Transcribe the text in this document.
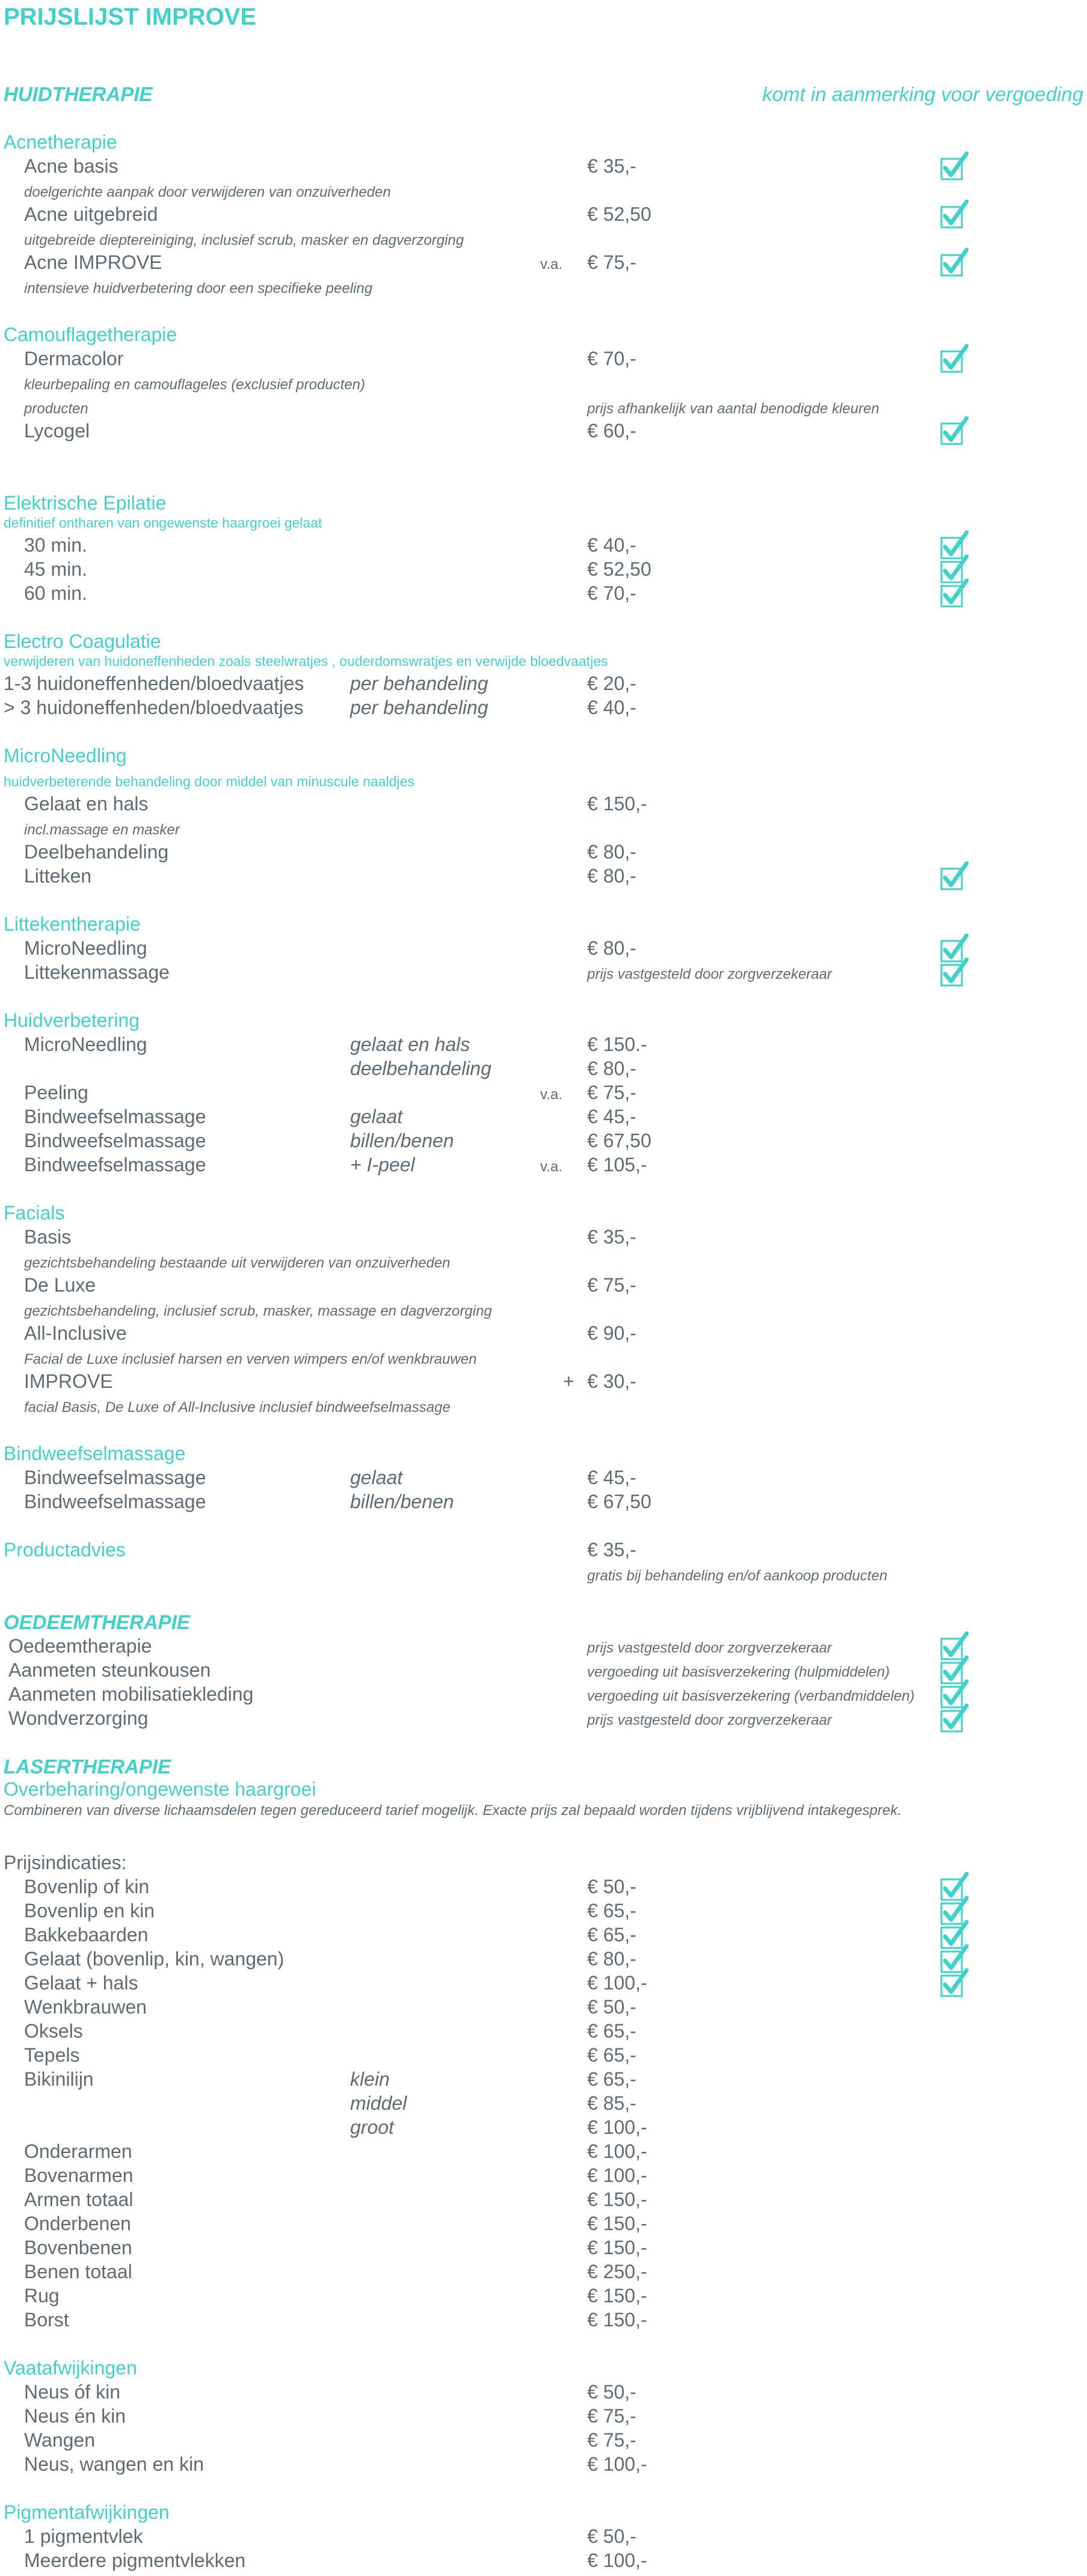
PRIJSLIJST IMPROVE
HUIDTHERAPIE	komt in aanmerking voor vergoeding
Acnetherapie
Acne basis	€ 35,-
doelgerichte aanpak door verwijderen van onzuiverheden
Acne uitgebreid	€ 52,50
uitgebreide dieptereiniging, inclusief scrub, masker en dagverzorging
Acne IMPROVE	v.a. € 75,-
intensieve huidverbetering door een specifieke peeling
Camouflagetherapie
Dermacolor	€ 70,-
kleurbepaling en camouflageles (exclusief producten)
producten	prijs afhankelijk van aantal benodigde kleuren
Lycogel	€ 60,-
Elektrische Epilatie
definitief ontharen van ongewenste haargroei gelaat
30 min.	€ 40,-
45 min.	€ 52,50
60 min.	€ 70,-
Electro Coagulatie
verwijderen van huidoneffenheden zoals steelwratjes , ouderdomswratjes en verwijde bloedvaatjes
1-3 huidoneffenheden/bloedvaatjes per behandeling	€ 20,-
> 3 huidoneffenheden/bloedvaatjes per behandeling	€ 40,-
MicroNeedling
huidverbeterende behandeling door middel van minuscule naaldjes
Gelaat en hals	€ 150,-
incl.massage en masker
Deelbehandeling	€ 80,-
Litteken	€ 80,-
Littekentherapie
MicroNeedling	€ 80,-
Littekenmassage	prijs vastgesteld door zorgverzekeraar
Huidverbetering
MicroNeedling	gelaat en hals	€ 150.-
deelbehandeling	€ 80,-
Peeling	v.a. € 75,-
Bindweefselmassage	gelaat	€ 45,-
Bindweefselmassage	billen/benen	€ 67,50
Bindweefselmassage	+ I-peel	v.a. € 105,-
Facials
Basis	€ 35,-
gezichtsbehandeling bestaande uit verwijderen van onzuiverheden
De Luxe	€ 75,-
gezichtsbehandeling, inclusief scrub, masker, massage en dagverzorging
All-Inclusive	€ 90,-
Facial de Luxe inclusief harsen en verven wimpers en/of wenkbrauwen
IMPROVE	+ € 30,-
facial Basis, De Luxe of All-Inclusive inclusief bindweefselmassage
Bindweefselmassage
Bindweefselmassage	gelaat	€ 45,-
Bindweefselmassage	billen/benen	€ 67,50
Productadvies	€ 35,-
gratis bij behandeling en/of aankoop producten
OEDEEMTHERAPIE
Oedeemtherapie	prijs vastgesteld door zorgverzekeraar
Aanmeten steunkousen	vergoeding uit basisverzekering (hulpmiddelen)
Aanmeten mobilisatiekleding	vergoeding uit basisverzekering (verbandmiddelen)
Wondverzorging	prijs vastgesteld door zorgverzekeraar
LASERTHERAPIE
Overbeharing/ongewenste haargroei
Combineren van diverse lichaamsdelen tegen gereduceerd tarief mogelijk. Exacte prijs zal bepaald worden tijdens vrijblijvend intakegesprek.
Prijsindicaties:
Bovenlip of kin	€ 50,-
Bovenlip en kin	€ 65,-
Bakkebaarden	€ 65,-
Gelaat (bovenlip, kin, wangen)	€ 80,-
Gelaat + hals	€ 100,-
Wenkbrauwen	€ 50,-
Oksels	€ 65,-
Tepels	€ 65,-
Bikinilijn	klein	€ 65,-
middel	€ 85,-
groot	€ 100,-
Onderarmen	€ 100,-
Bovenarmen	€ 100,-
Armen totaal	€ 150,-
Onderbenen	€ 150,-
Bovenbenen	€ 150,-
Benen totaal	€ 250,-
Rug	€ 150,-
Borst	€ 150,-
Vaatafwijkingen
Neus óf kin	€ 50,-
Neus én kin	€ 75,-
Wangen	€ 75,-
Neus, wangen en kin	€ 100,-
Pigmentafwijkingen
1 pigmentvlek	€ 50,-
Meerdere pigmentvlekken	€ 100,-
